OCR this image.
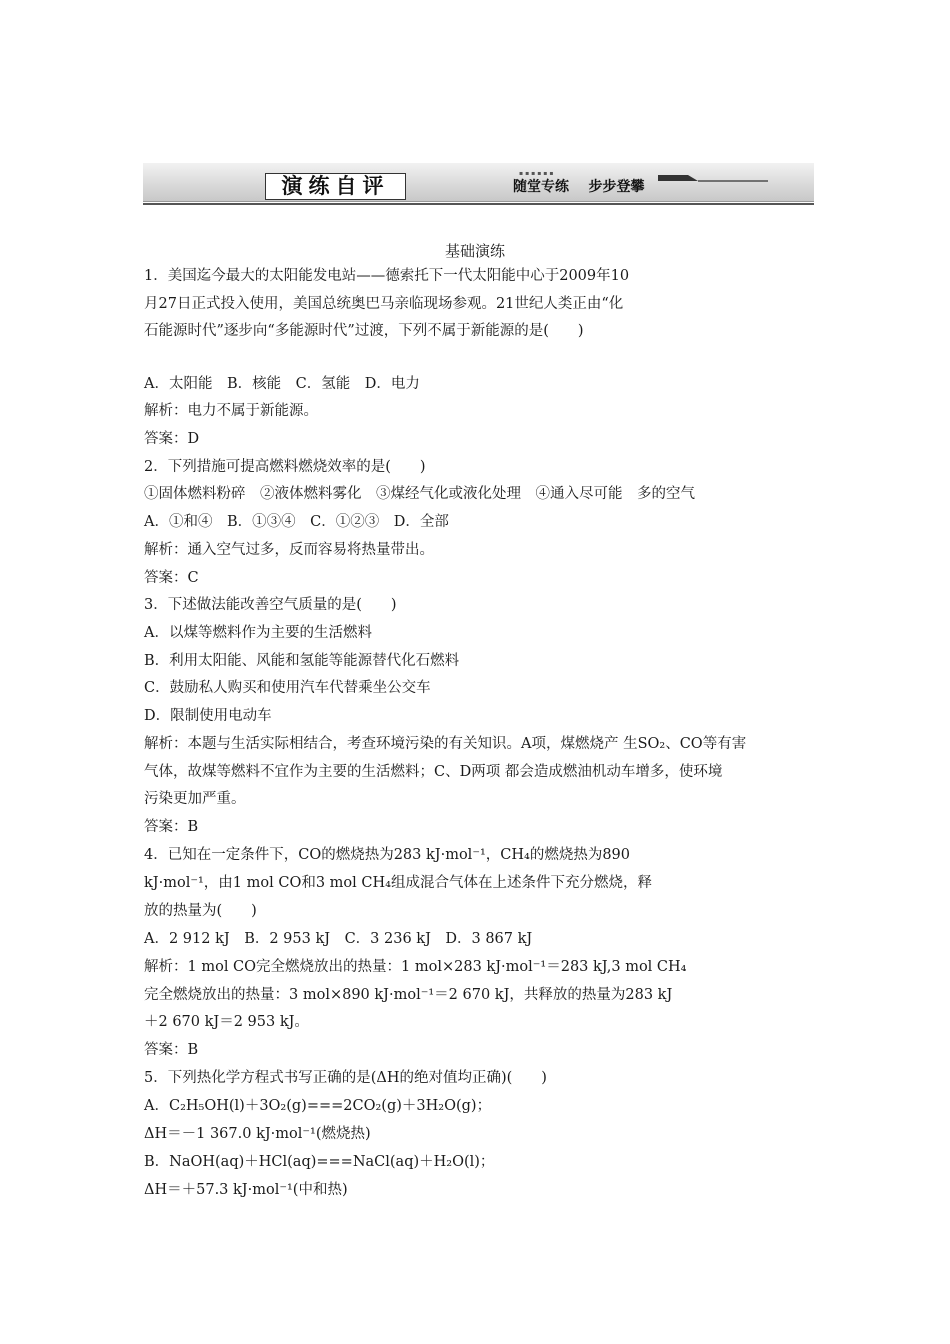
演练自评
▪▪▪▪▪▪
随堂专练    步步登攀
基础演练
1．美国迄今最大的太阳能发电站——德索托下一代太阳能中心于2009年10
月27日正式投入使用，美国总统奥巴马亲临现场参观。21世纪人类正由“化
石能源时代”逐步向“多能源时代”过渡，下列不属于新能源的是(　　)
A．太阳能　B．核能　C．氢能　D．电力
解析：电力不属于新能源。
答案：D
2．下列措施可提高燃料燃烧效率的是(　　)
①固体燃料粉碎　②液体燃料雾化　③煤经气化或液化处理　④通入尽可能　多的空气
A．①和④　B．①③④　C．①②③　D．全部
解析：通入空气过多，反而容易将热量带出。
答案：C
3．下述做法能改善空气质量的是(　　)
A．以煤等燃料作为主要的生活燃料
B．利用太阳能、风能和氢能等能源替代化石燃料
C．鼓励私人购买和使用汽车代替乘坐公交车
D．限制使用电动车
解析：本题与生活实际相结合，考查环境污染的有关知识。A项，煤燃烧产 生SO₂、CO等有害
气体，故煤等燃料不宜作为主要的生活燃料；C、D两项 都会造成燃油机动车增多，使环境
污染更加严重。
答案：B
4．已知在一定条件下，CO的燃烧热为283 kJ·mol⁻¹，CH₄的燃烧热为890
kJ·mol⁻¹，由1 mol CO和3 mol CH₄组成混合气体在上述条件下充分燃烧，释
放的热量为(　　)
A．2 912 kJ　B．2 953 kJ　C．3 236 kJ　D．3 867 kJ
解析：1 mol CO完全燃烧放出的热量：1 mol×283 kJ·mol⁻¹＝283 kJ,3 mol CH₄
完全燃烧放出的热量：3 mol×890 kJ·mol⁻¹＝2 670 kJ，共释放的热量为283 kJ
＋2 670 kJ＝2 953 kJ。
答案：B
5．下列热化学方程式书写正确的是(ΔH的绝对值均正确)(　　)
A．C₂H₅OH(l)＋3O₂(g)===2CO₂(g)＋3H₂O(g)；
ΔH＝－1 367.0 kJ·mol⁻¹(燃烧热)
B．NaOH(aq)＋HCl(aq)===NaCl(aq)＋H₂O(l)；
ΔH＝＋57.3 kJ·mol⁻¹(中和热)
